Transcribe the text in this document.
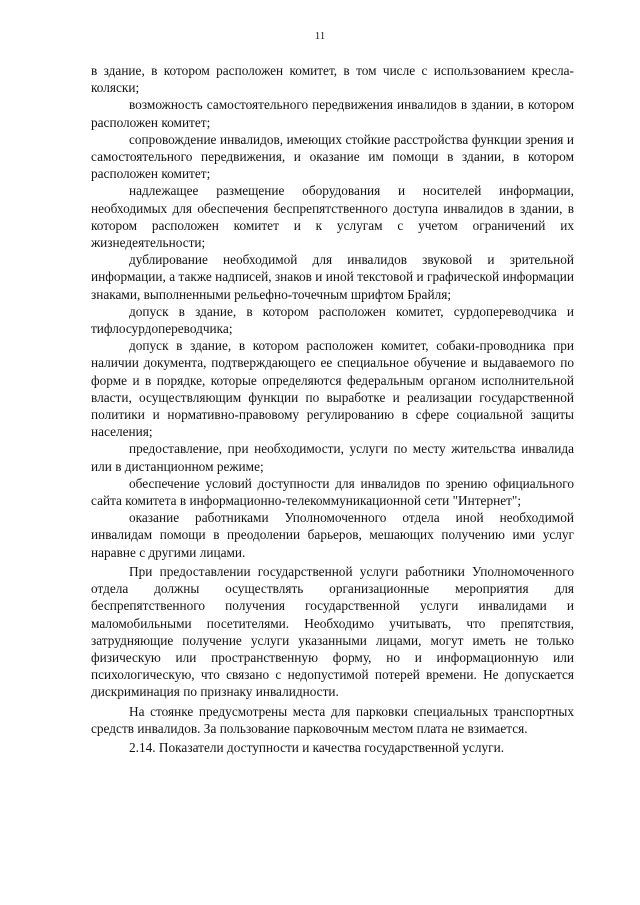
11

в здание, в котором расположен комитет, в том числе с использованием кресла-коляски;

возможность самостоятельного передвижения инвалидов в здании, в котором расположен комитет;

сопровождение инвалидов, имеющих стойкие расстройства функции зрения и самостоятельного передвижения, и оказание им помощи в здании, в котором расположен комитет;

надлежащее размещение оборудования и носителей информации, необходимых для обеспечения беспрепятственного доступа инвалидов в здании, в котором расположен комитет и к услугам с учетом ограничений их жизнедеятельности;

дублирование необходимой для инвалидов звуковой и зрительной информации, а также надписей, знаков и иной текстовой и графической информации знаками, выполненными рельефно-точечным шрифтом Брайля;

допуск в здание, в котором расположен комитет, сурдопереводчика и тифлосурдопереводчика;

допуск в здание, в котором расположен комитет, собаки-проводника при наличии документа, подтверждающего ее специальное обучение и выдаваемого по форме и в порядке, которые определяются федеральным органом исполнительной власти, осуществляющим функции по выработке и реализации государственной политики и нормативно-правовому регулированию в сфере социальной защиты населения;

предоставление, при необходимости, услуги по месту жительства инвалида или в дистанционном режиме;

обеспечение условий доступности для инвалидов по зрению официального сайта комитета в информационно-телекоммуникационной сети "Интернет";

оказание работниками Уполномоченного отдела иной необходимой инвалидам помощи в преодолении барьеров, мешающих получению ими услуг наравне с другими лицами.

При предоставлении государственной услуги работники Уполномоченного отдела должны осуществлять организационные мероприятия для беспрепятственного получения государственной услуги инвалидами и маломобильными посетителями. Необходимо учитывать, что препятствия, затрудняющие получение услуги указанными лицами, могут иметь не только физическую или пространственную форму, но и информационную или психологическую, что связано с недопустимой потерей времени. Не допускается дискриминация по признаку инвалидности.

На стоянке предусмотрены места для парковки специальных транспортных средств инвалидов. За пользование парковочным местом плата не взимается.

2.14. Показатели доступности и качества государственной услуги.
